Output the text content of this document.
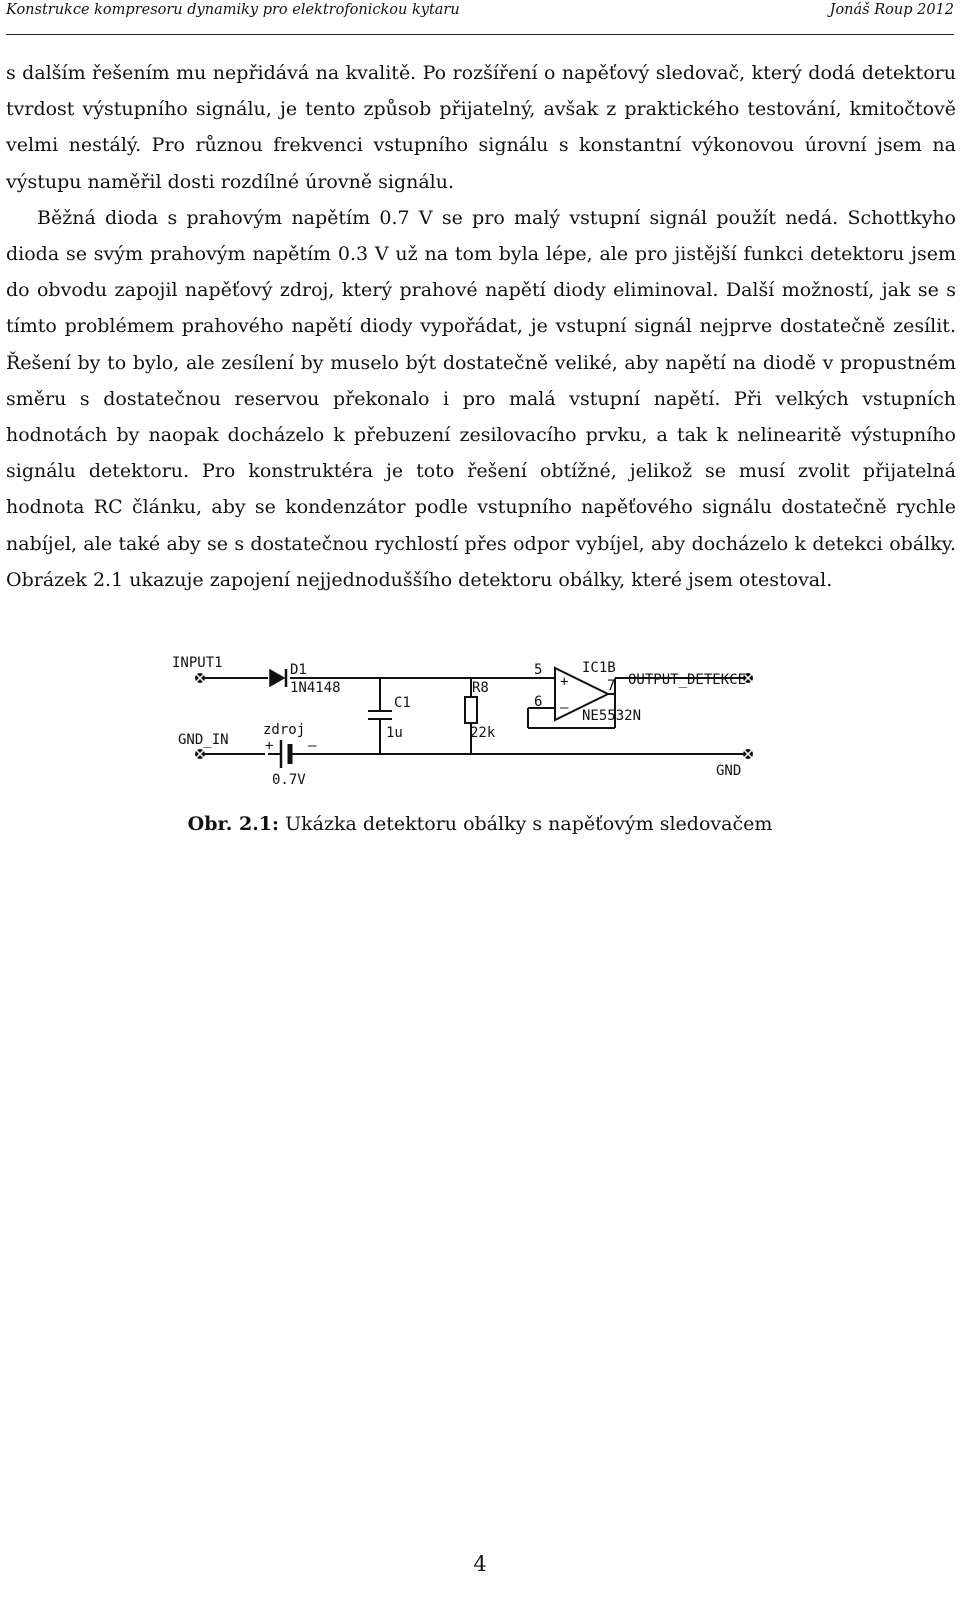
Konstrukce kompresoru dynamiky pro elektrofonickou kytaru	Jonáš Roup 2012

s dalším řešením mu nepřidává na kvalitě. Po rozšíření o napěťový sledovač, který dodá detektoru tvrdost výstupního signálu, je tento způsob přijatelný, avšak z praktického testování, kmitočtově velmi nestálý. Pro různou frekvenci vstupního signálu s konstantní výkonovou úrovní jsem na výstupu naměřil dosti rozdílné úrovně signálu.

Běžná dioda s prahovým napětím 0.7 V se pro malý vstupní signál použít nedá. Schottkyho dioda se svým prahovým napětím 0.3 V už na tom byla lépe, ale pro jistější funkci detektoru jsem do obvodu zapojil napěťový zdroj, který prahové napětí diody eliminoval. Další možností, jak se s tímto problémem prahového napětí diody vypořádat, je vstupní signál nejprve dostatečně zesílit. Řešení by to bylo, ale zesílení by muselo být dostatečně veliké, aby napětí na diodě v propustném směru s dostatečnou reservou překonalo i pro malá vstupní napětí. Při velkých vstupních hodnotách by naopak docházelo k přebuzení zesilovacího prvku, a tak k nelinearitě výstupního signálu detektoru. Pro konstruktéra je toto řešení obtížné, jelikož se musí zvolit přijatelná hodnota RC článku, aby se kondenzátor podle vstupního napěťového signálu dostatečně rychle nabíjel, ale také aby se s dostatečnou rychlostí přes odpor vybíjel, aby docházelo k detekci obálky. Obrázek 2.1 ukazuje zapojení nejjednoduššího detektoru obálky, které jsem otestoval.

INPUT1
GND_IN
D1
1N4148
zdroj
+ –
0.7V
C1
1u
R8
22k
5
6
+
–
IC1B
7
NE5532N
OUTPUT_DETEKCE
GND
Obr. 2.1: Ukázka detektoru obálky s napěťovým sledovačem
4
